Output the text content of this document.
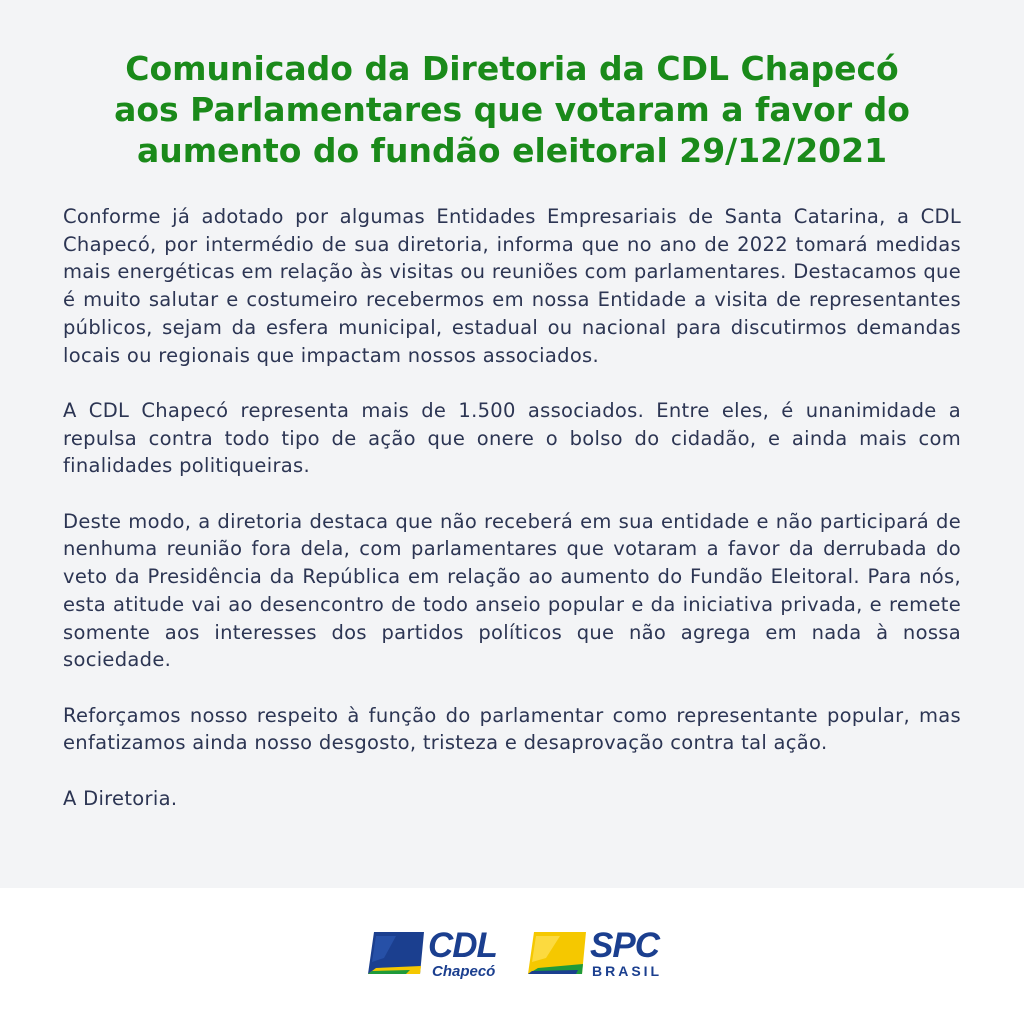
Comunicado da Diretoria da CDL Chapecó
aos Parlamentares que votaram a favor do
aumento do fundão eleitoral 29/12/2021

Conforme já adotado por algumas Entidades Empresariais de Santa Catarina, a CDL Chapecó, por intermédio de sua diretoria, informa que no ano de 2022 tomará medidas mais energéticas em relação às visitas ou reuniões com parlamentares. Destacamos que é muito salutar e costumeiro recebermos em nossa Entidade a visita de representantes públicos, sejam da esfera municipal, estadual ou nacional para discutirmos demandas locais ou regionais que impactam nossos associados.

A CDL Chapecó representa mais de 1.500 associados. Entre eles, é unanimidade a repulsa contra todo tipo de ação que onere o bolso do cidadão, e ainda mais com finalidades politiqueiras.

Deste modo, a diretoria destaca que não receberá em sua entidade e não participará de nenhuma reunião fora dela, com parlamentares que votaram a favor da derrubada do veto da Presidência da República em relação ao aumento do Fundão Eleitoral. Para nós, esta atitude vai ao desencontro de todo anseio popular e da iniciativa privada, e remete somente aos interesses dos partidos políticos que não agrega em nada à nossa sociedade.

Reforçamos nosso respeito à função do parlamentar como representante popular, mas enfatizamos ainda nosso desgosto, tristeza e desaprovação contra tal ação.

A Diretoria.

CDL
Chapecó
SPC
BRASIL
